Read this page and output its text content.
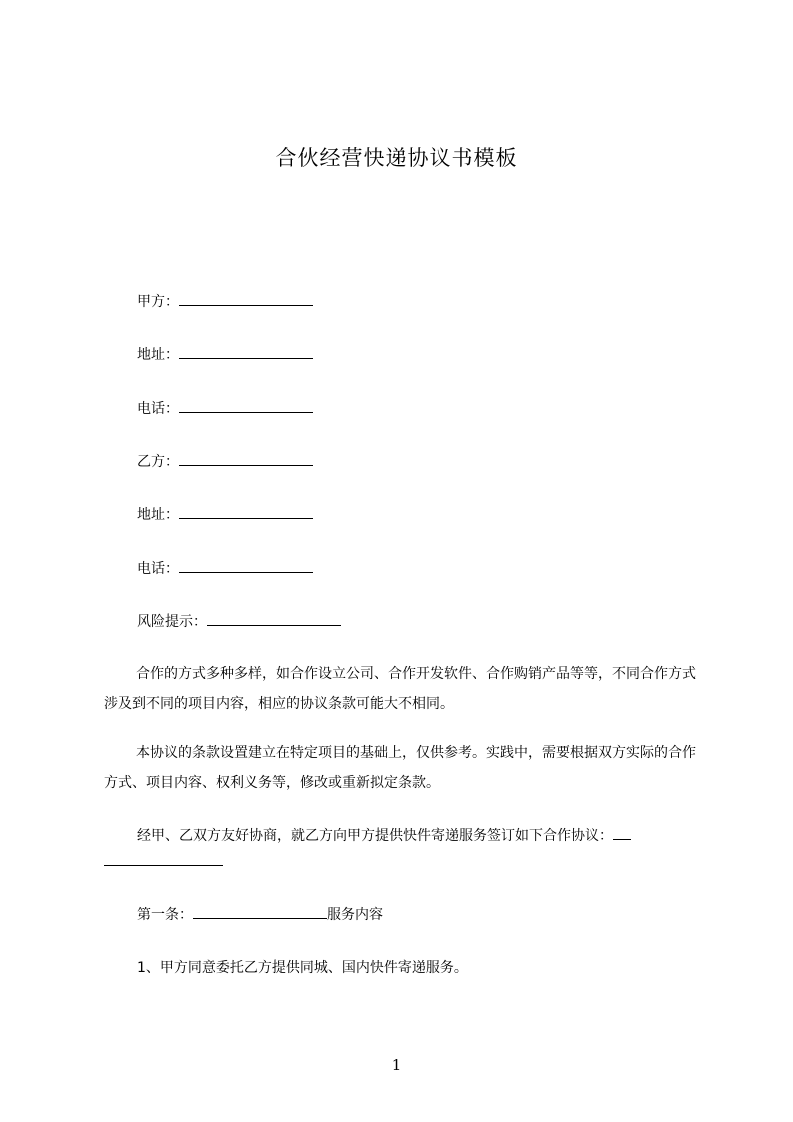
合伙经营快递协议书模板
甲方：
地址：
电话：
乙方：
地址：
电话：
风险提示：
合作的方式多种多样，如合作设立公司、合作开发软件、合作购销产品等等，不同合作方式涉及到不同的项目内容，相应的协议条款可能大不相同。
本协议的条款设置建立在特定项目的基础上，仅供参考。实践中，需要根据双方实际的合作方式、项目内容、权利义务等，修改或重新拟定条款。
经甲、乙双方友好协商，就乙方向甲方提供快件寄递服务签订如下合作协议：
第一条：	服务内容
1、甲方同意委托乙方提供同城、国内快件寄递服务。
1
